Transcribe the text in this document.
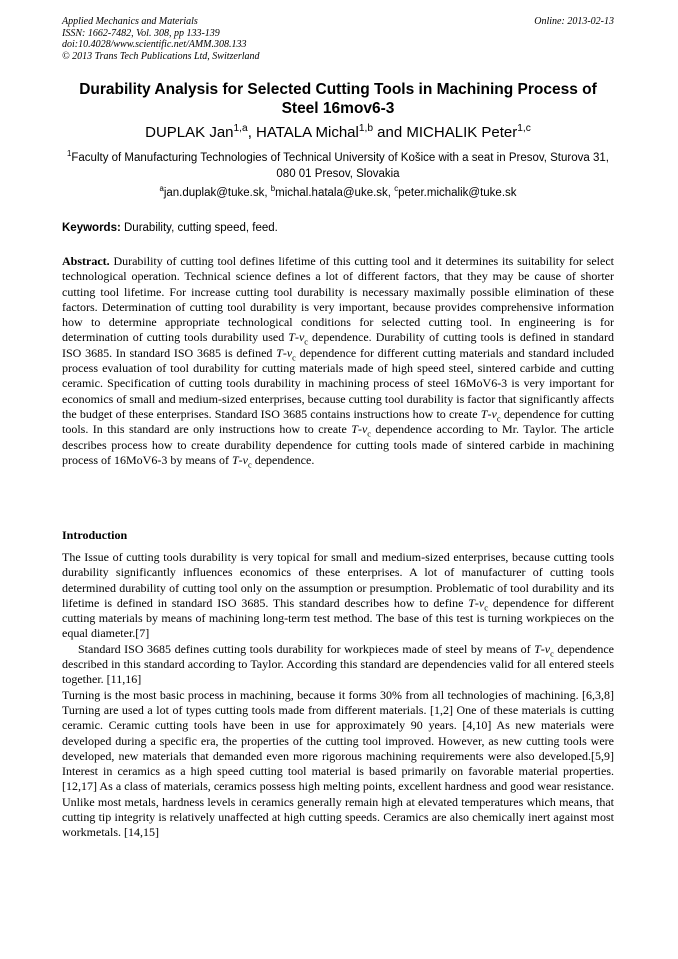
Applied Mechanics and Materials
ISSN: 1662-7482, Vol. 308, pp 133-139
doi:10.4028/www.scientific.net/AMM.308.133
© 2013 Trans Tech Publications Ltd, Switzerland
Online: 2013-02-13
Durability Analysis for Selected Cutting Tools in Machining Process of Steel 16mov6-3
DUPLAK Jan$^{1,a}$, HATALA Michal$^{1,b}$ and MICHALIK Peter$^{1,c}$
$^1$Faculty of Manufacturing Technologies of Technical University of Košice with a seat in Presov, Sturova 31, 080 01 Presov, Slovakia
$^a$jan.duplak@tuke.sk, $^b$michal.hatala@uke.sk, $^c$peter.michalik@tuke.sk
Keywords: Durability, cutting speed, feed.
Abstract. Durability of cutting tool defines lifetime of this cutting tool and it determines its suitability for select technological operation. Technical science defines a lot of different factors, that they may be cause of shorter cutting tool lifetime. For increase cutting tool durability is necessary maximally possible elimination of these factors. Determination of cutting tool durability is very important, because provides comprehensive information how to determine appropriate technological conditions for selected cutting tool. In engineering is for determination of cutting tools durability used $T-v_c$ dependence. Durability of cutting tools is defined in standard ISO 3685. In standard ISO 3685 is defined $T-v_c$ dependence for different cutting materials and standard included process evaluation of tool durability for cutting materials made of high speed steel, sintered carbide and cutting ceramic. Specification of cutting tools durability in machining process of steel 16MoV6-3 is very important for economics of small and medium-sized enterprises, because cutting tool durability is factor that significantly affects the budget of these enterprises. Standard ISO 3685 contains instructions how to create $T-v_c$ dependence for cutting tools. In this standard are only instructions how to create $T-v_c$ dependence according to Mr. Taylor. The article describes process how to create durability dependence for cutting tools made of sintered carbide in machining process of 16MoV6-3 by means of $T-v_c$ dependence.
Introduction

The Issue of cutting tools durability is very topical for small and medium-sized enterprises, because cutting tools durability significantly influences economics of these enterprises. A lot of manufacturer of cutting tools determined durability of cutting tool only on the assumption or presumption. Problematic of tool durability and its lifetime is defined in standard ISO 3685. This standard describes how to define $T-v_c$ dependence for different cutting materials by means of machining long-term test method. The base of this test is turning workpieces on the equal diameter.[7]

Standard ISO 3685 defines cutting tools durability for workpieces made of steel by means of $T-v_c$ dependence described in this standard according to Taylor. According this standard are dependencies valid for all entered steels together. [11,16]

Turning is the most basic process in machining, because it forms 30% from all technologies of machining. [6,3,8] Turning are used a lot of types cutting tools made from different materials. [1,2] One of these materials is cutting ceramic. Ceramic cutting tools have been in use for approximately 90 years. [4,10] As new materials were developed during a specific era, the properties of the cutting tool improved. However, as new cutting tools were developed, new materials that demanded even more rigorous machining requirements were also developed.[5,9] Interest in ceramics as a high speed cutting tool material is based primarily on favorable material properties. [12,17] As a class of materials, ceramics possess high melting points, excellent hardness and good wear resistance. Unlike most metals, hardness levels in ceramics generally remain high at elevated temperatures which means, that cutting tip integrity is relatively unaffected at high cutting speeds. Ceramics are also chemically inert against most workmetals. [14,15]
